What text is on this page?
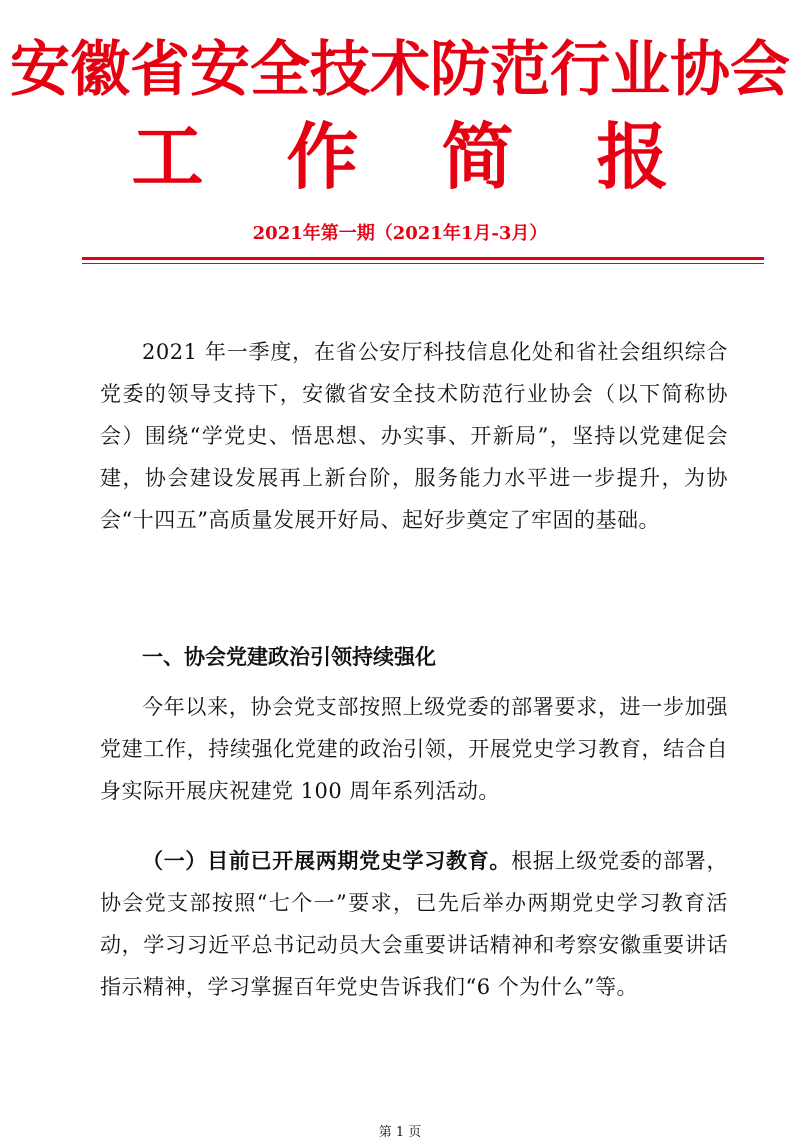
安徽省安全技术防范行业协会
工	作	简	报
2021年第一期（2021年1月-3月）

2021 年一季度，在省公安厅科技信息化处和省社会组织综合党委的领导支持下，安徽省安全技术防范行业协会（以下简称协会）围绕“学党史、悟思想、办实事、开新局”，坚持以党建促会建，协会建设发展再上新台阶，服务能力水平进一步提升，为协会“十四五”高质量发展开好局、起好步奠定了牢固的基础。

一、协会党建政治引领持续强化

今年以来，协会党支部按照上级党委的部署要求，进一步加强党建工作，持续强化党建的政治引领，开展党史学习教育，结合自身实际开展庆祝建党 100 周年系列活动。

（一）目前已开展两期党史学习教育。根据上级党委的部署，协会党支部按照“七个一”要求，已先后举办两期党史学习教育活动，学习习近平总书记动员大会重要讲话精神和考察安徽重要讲话指示精神，学习掌握百年党史告诉我们“6 个为什么”等。

第 1 页
